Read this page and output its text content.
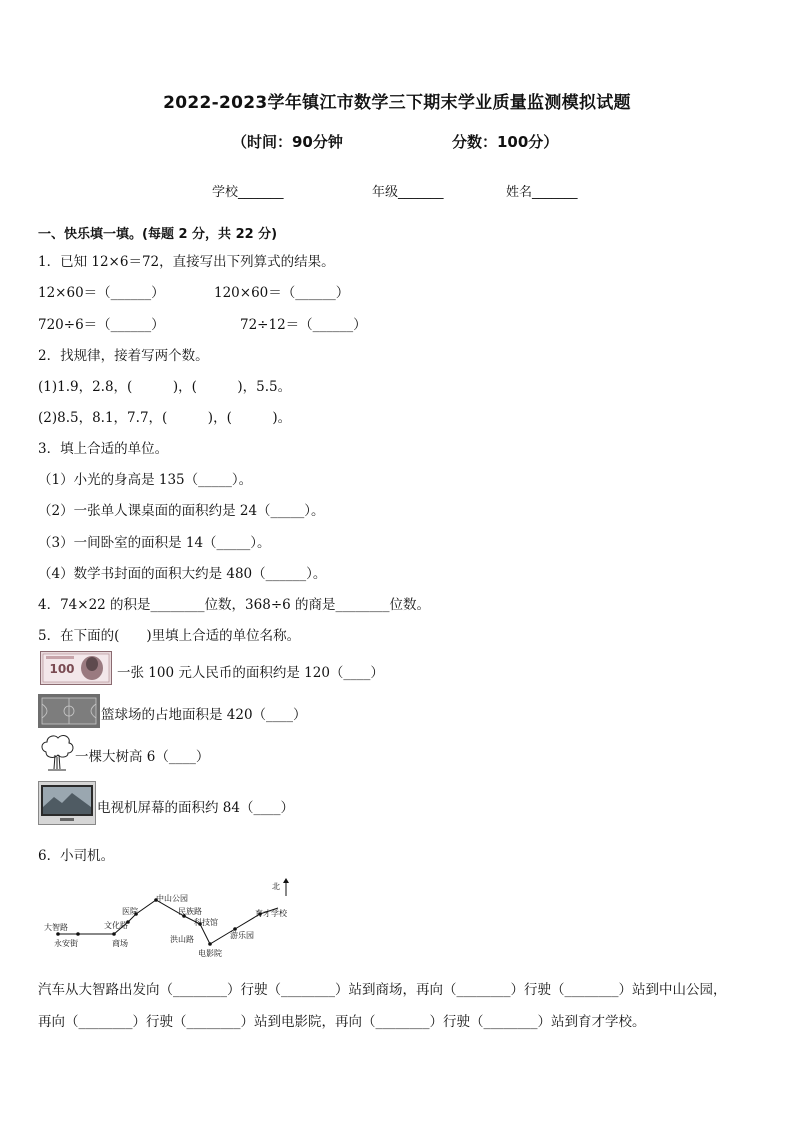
2022-2023学年镇江市数学三下期末学业质量监测模拟试题
（时间：90分钟	分数：100分）
学校_______	年级_______	姓名_______
一、快乐填一填。(每题 2 分，共 22 分)
1．已知 12×6＝72，直接写出下列算式的结果。
12×60＝（______）	120×60＝（______）
720÷6＝（______）	72÷12＝（______）
2．找规律，接着写两个数。
(1)1.9，2.8，(　　　)，(　　　)，5.5。
(2)8.5，8.1，7.7，(　　　)，(　　　)。
3．填上合适的单位。
（1）小光的身高是 135（_____）。
（2）一张单人课桌面的面积约是 24（_____）。
（3）一间卧室的面积是 14（_____）。
（4）数学书封面的面积大约是 480（______）。
4．74×22 的积是________位数，368÷6 的商是________位数。
5．在下面的(　　)里填上合适的单位名称。
100	一张 100 元人民币的面积约是 120（____）
篮球场的占地面积是 420（____）
一棵大树高 6（____）
电视机屏幕的面积约 84（____）
6．小司机。
北
大智路
永安街
文化路
商场
医院
中山公园
民族路
科技馆
洪山路
电影院
游乐园
育才学校
汽车从大智路出发向（________）行驶（________）站到商场，再向（________）行驶（________）站到中山公园，
再向（________）行驶（________）站到电影院，再向（________）行驶（________）站到育才学校。
